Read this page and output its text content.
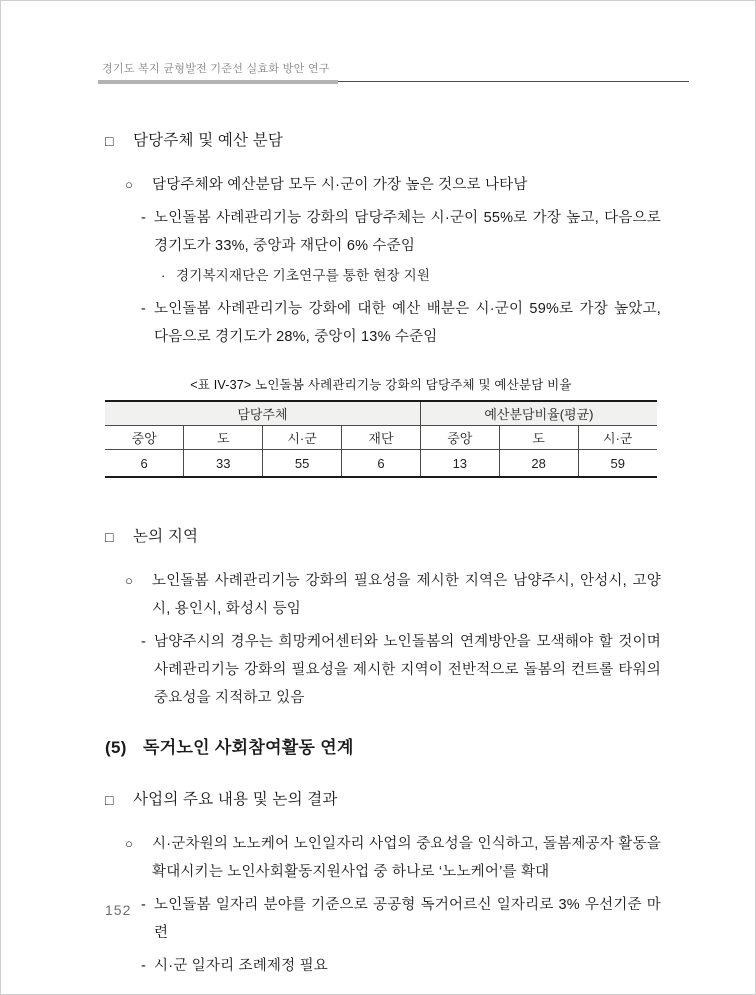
경기도 복지 균형발전 기준선 실효화 방안 연구
□	담당주체 및 예산 분담
○	담당주체와 예산분담 모두 시·군이 가장 높은 것으로 나타남
- 노인돌봄 사례관리기능 강화의 담당주체는 시·군이 55%로 가장 높고, 다음으로 경기도가 33%, 중앙과 재단이 6% 수준임
· 경기복지재단은 기초연구를 통한 현장 지원
- 노인돌봄 사례관리기능 강화에 대한 예산 배분은 시·군이 59%로 가장 높았고, 다음으로 경기도가 28%, 중앙이 13% 수준임
<표 IV-37> 노인돌봄 사례관리기능 강화의 담당주체 및 예산분담 비율
담당주체				예산분담비율(평균)		
중앙	도	시·군	재단	중앙	도	시·군
6	33	55	6	13	28	59
□	논의 지역
○	노인돌봄 사례관리기능 강화의 필요성을 제시한 지역은 남양주시, 안성시, 고양시, 용인시, 화성시 등임
- 남양주시의 경우는 희망케어센터와 노인돌봄의 연계방안을 모색해야 할 것이며 사례관리기능 강화의 필요성을 제시한 지역이 전반적으로 돌봄의 컨트롤 타워의 중요성을 지적하고 있음
(5) 독거노인 사회참여활동 연계
□	사업의 주요 내용 및 논의 결과
○	시·군차원의 노노케어 노인일자리 사업의 중요성을 인식하고, 돌봄제공자 활동을 확대시키는 노인사회활동지원사업 중 하나로 ‘노노케어’를 확대
- 노인돌봄 일자리 분야를 기준으로 공공형 독거어르신 일자리로 3% 우선기준 마련
- 시·군 일자리 조례제정 필요
152
